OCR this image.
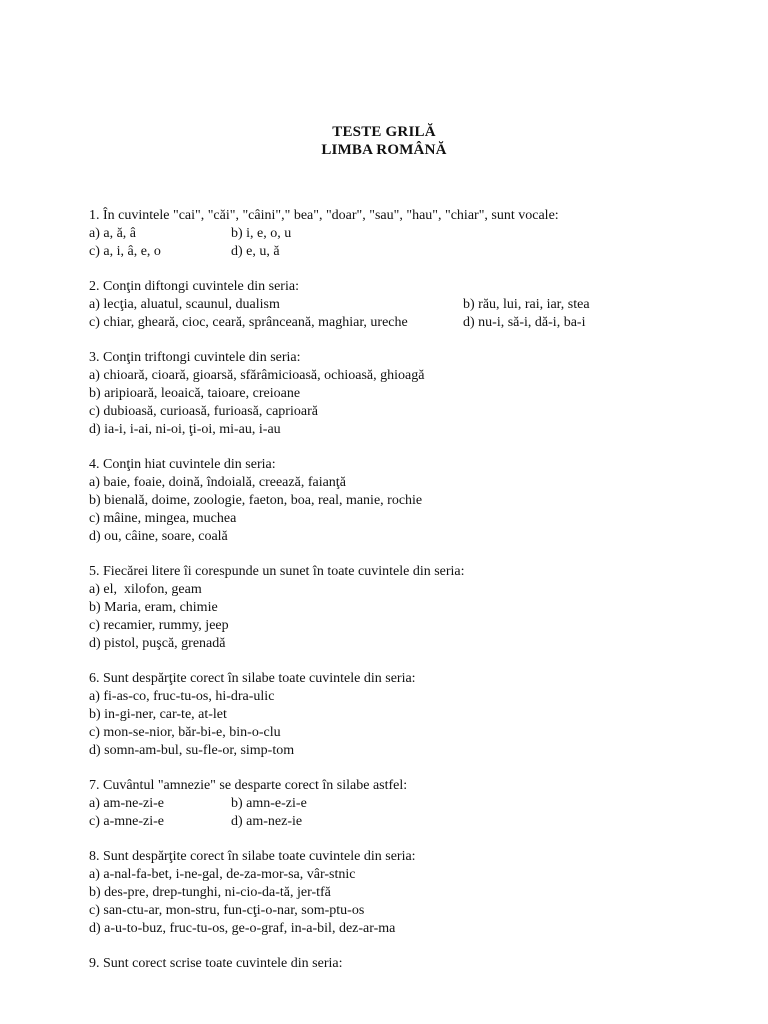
TESTE GRILĂ
LIMBA ROMÂNĂ
1. În cuvintele "cai", "căi", "câini"," bea", "doar", "sau", "hau", "chiar", sunt vocale:
a) a, ă, â	b) i, e, o, u
c) a, i, â, e, o	d) e, u, ă
2. Conţin diftongi cuvintele din seria:
a) lecţia, aluatul, scaunul, dualism	b) rău, lui, rai, iar, stea
c) chiar, gheară, cioc, ceară, sprânceană, maghiar, ureche	d) nu-i, să-i, dă-i, ba-i
3. Conţin triftongi cuvintele din seria:
a) chioară, cioară, gioarsă, sfărâmicioasă, ochioasă, ghioagă
b) aripioară, leoaică, taioare, creioane
c) dubioasă, curioasă, furioasă, caprioară
d) ia-i, i-ai, ni-oi, ţi-oi, mi-au, i-au
4. Conţin hiat cuvintele din seria:
a) baie, foaie, doină, îndoială, creează, faianţă
b) bienală, doime, zoologie, faeton, boa, real, manie, rochie
c) mâine, mingea, muchea
d) ou, câine, soare, coală
5. Fiecărei litere îi corespunde un sunet în toate cuvintele din seria:
a) el,  xilofon, geam
b) Maria, eram, chimie
c) recamier, rummy, jeep
d) pistol, puşcă, grenadă
6. Sunt despărţite corect în silabe toate cuvintele din seria:
a) fi-as-co, fruc-tu-os, hi-dra-ulic
b) in-gi-ner, car-te, at-let
c) mon-se-nior, băr-bi-e, bin-o-clu
d) somn-am-bul, su-fle-or, simp-tom
7. Cuvântul "amnezie" se desparte corect în silabe astfel:
a) am-ne-zi-e	b) amn-e-zi-e
c) a-mne-zi-e	d) am-nez-ie
8. Sunt despărţite corect în silabe toate cuvintele din seria:
a) a-nal-fa-bet, i-ne-gal, de-za-mor-sa, vâr-stnic
b) des-pre, drep-tunghi, ni-cio-da-tă, jer-tfă
c) san-ctu-ar, mon-stru, fun-cţi-o-nar, som-ptu-os
d) a-u-to-buz, fruc-tu-os, ge-o-graf, in-a-bil, dez-ar-ma
9. Sunt corect scrise toate cuvintele din seria:
